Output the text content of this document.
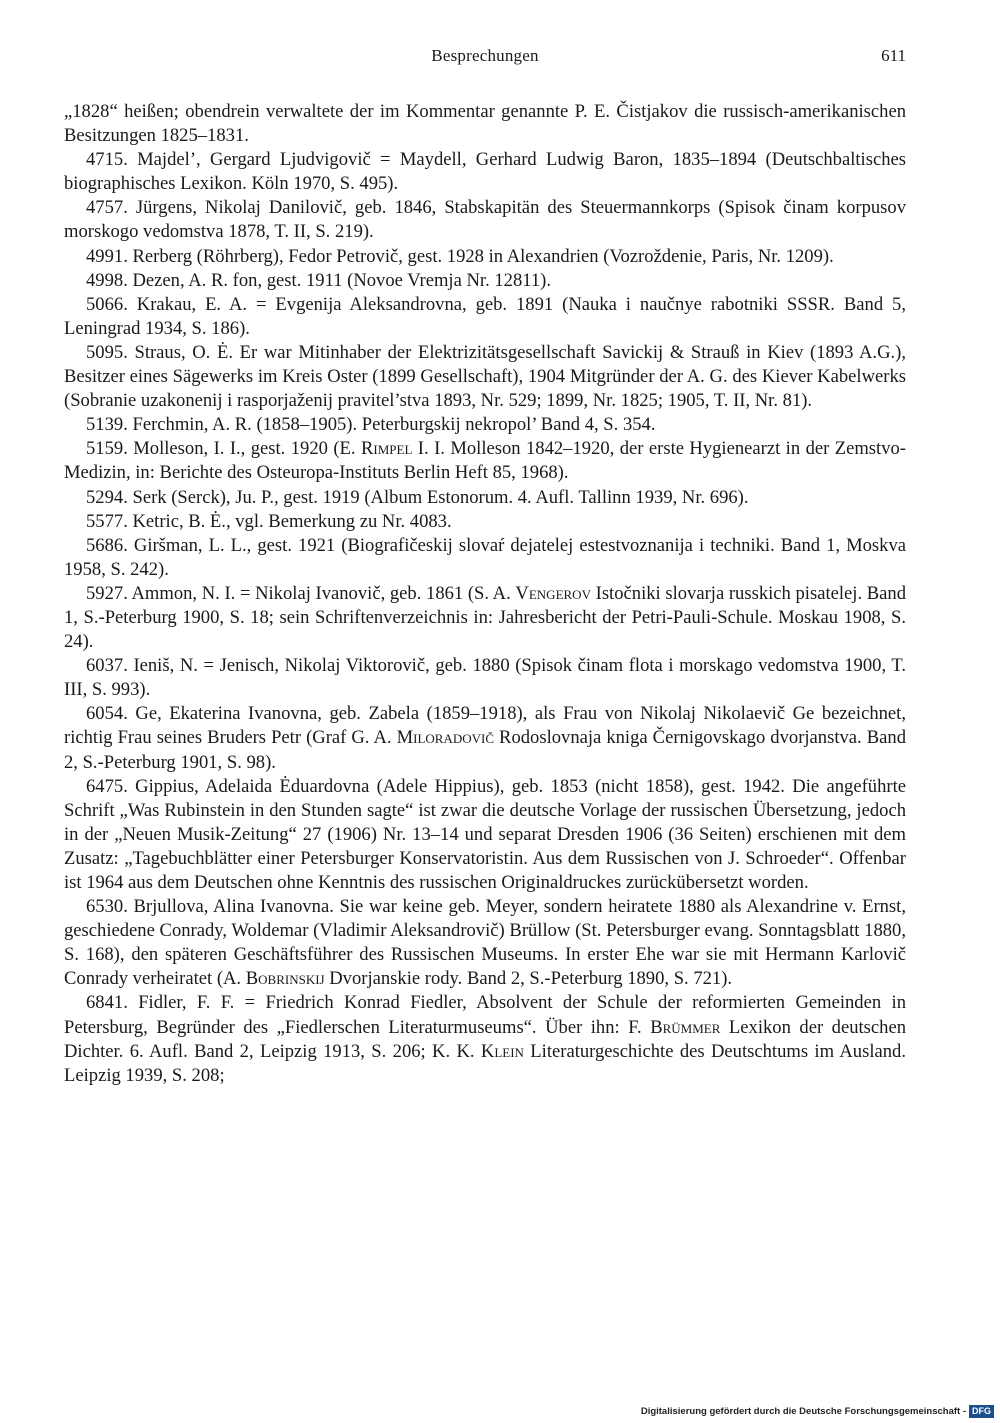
Besprechungen	611

„1828“ heißen; obendrein verwaltete der im Kommentar genannte P. E. Čistjakov die russisch-amerikanischen Besitzungen 1825–1831.

4715. Majdel’, Gergard Ljudvigovič = Maydell, Gerhard Ludwig Baron, 1835–1894 (Deutschbaltisches biographisches Lexikon. Köln 1970, S. 495).

4757. Jürgens, Nikolaj Danilovič, geb. 1846, Stabskapitän des Steuermannkorps (Spisok činam korpusov morskogo vedomstva 1878, T. II, S. 219).

4991. Rerberg (Röhrberg), Fedor Petrovič, gest. 1928 in Alexandrien (Vozroždenie, Paris, Nr. 1209).

4998. Dezen, A. R. fon, gest. 1911 (Novoe Vremja Nr. 12811).

5066. Krakau, E. A. = Evgenija Aleksandrovna, geb. 1891 (Nauka i naučnye rabotniki SSSR. Band 5, Leningrad 1934, S. 186).

5095. Straus, O. Ė. Er war Mitinhaber der Elektrizitätsgesellschaft Savickij & Strauß in Kiev (1893 A.G.), Besitzer eines Sägewerks im Kreis Oster (1899 Gesellschaft), 1904 Mitgründer der A. G. des Kiever Kabelwerks (Sobranie uzakonenij i rasporjaženij pravitel’stva 1893, Nr. 529; 1899, Nr. 1825; 1905, T. II, Nr. 81).

5139. Ferchmin, A. R. (1858–1905). Peterburgskij nekropol’ Band 4, S. 354.

5159. Molleson, I. I., gest. 1920 (E. Rimpel I. I. Molleson 1842–1920, der erste Hygienearzt in der Zemstvo-Medizin, in: Berichte des Osteuropa-Instituts Berlin Heft 85, 1968).

5294. Serk (Serck), Ju. P., gest. 1919 (Album Estonorum. 4. Aufl. Tallinn 1939, Nr. 696).

5577. Ketric, B. Ė., vgl. Bemerkung zu Nr. 4083.

5686. Giršman, L. L., gest. 1921 (Biografičeskij slovaŕ dejatelej estestvoznanija i techniki. Band 1, Moskva 1958, S. 242).

5927. Ammon, N. I. = Nikolaj Ivanovič, geb. 1861 (S. A. Vengerov Istočniki slovarja russkich pisatelej. Band 1, S.-Peterburg 1900, S. 18; sein Schriftenverzeichnis in: Jahresbericht der Petri-Pauli-Schule. Moskau 1908, S. 24).

6037. Ieniš, N. = Jenisch, Nikolaj Viktorovič, geb. 1880 (Spisok činam flota i morskago vedomstva 1900, T. III, S. 993).

6054. Ge, Ekaterina Ivanovna, geb. Zabela (1859–1918), als Frau von Nikolaj Nikolaevič Ge bezeichnet, richtig Frau seines Bruders Petr (Graf G. A. Miloradovič Rodoslovnaja kniga Černigovskago dvorjanstva. Band 2, S.-Peterburg 1901, S. 98).

6475. Gippius, Adelaida Ėduardovna (Adele Hippius), geb. 1853 (nicht 1858), gest. 1942. Die angeführte Schrift „Was Rubinstein in den Stunden sagte“ ist zwar die deutsche Vorlage der russischen Übersetzung, jedoch in der „Neuen Musik-Zeitung“ 27 (1906) Nr. 13–14 und separat Dresden 1906 (36 Seiten) erschienen mit dem Zusatz: „Tagebuchblätter einer Petersburger Konservatoristin. Aus dem Russischen von J. Schroeder“. Offenbar ist 1964 aus dem Deutschen ohne Kenntnis des russischen Originaldruckes zurückübersetzt worden.

6530. Brjullova, Alina Ivanovna. Sie war keine geb. Meyer, sondern heiratete 1880 als Alexandrine v. Ernst, geschiedene Conrady, Woldemar (Vladimir Aleksandrovič) Brüllow (St. Petersburger evang. Sonntagsblatt 1880, S. 168), den späteren Geschäftsführer des Russischen Museums. In erster Ehe war sie mit Hermann Karlovič Conrady verheiratet (A. Bobrinskij Dvorjanskie rody. Band 2, S.-Peterburg 1890, S. 721).

6841. Fidler, F. F. = Friedrich Konrad Fiedler, Absolvent der Schule der reformierten Gemeinden in Petersburg, Begründer des „Fiedlerschen Literaturmuseums“. Über ihn: F. Brümmer Lexikon der deutschen Dichter. 6. Aufl. Band 2, Leipzig 1913, S. 206; K. K. Klein Literaturgeschichte des Deutschtums im Ausland. Leipzig 1939, S. 208;

Digitalisierung gefördert durch die Deutsche Forschungsgemeinschaft - DFG
